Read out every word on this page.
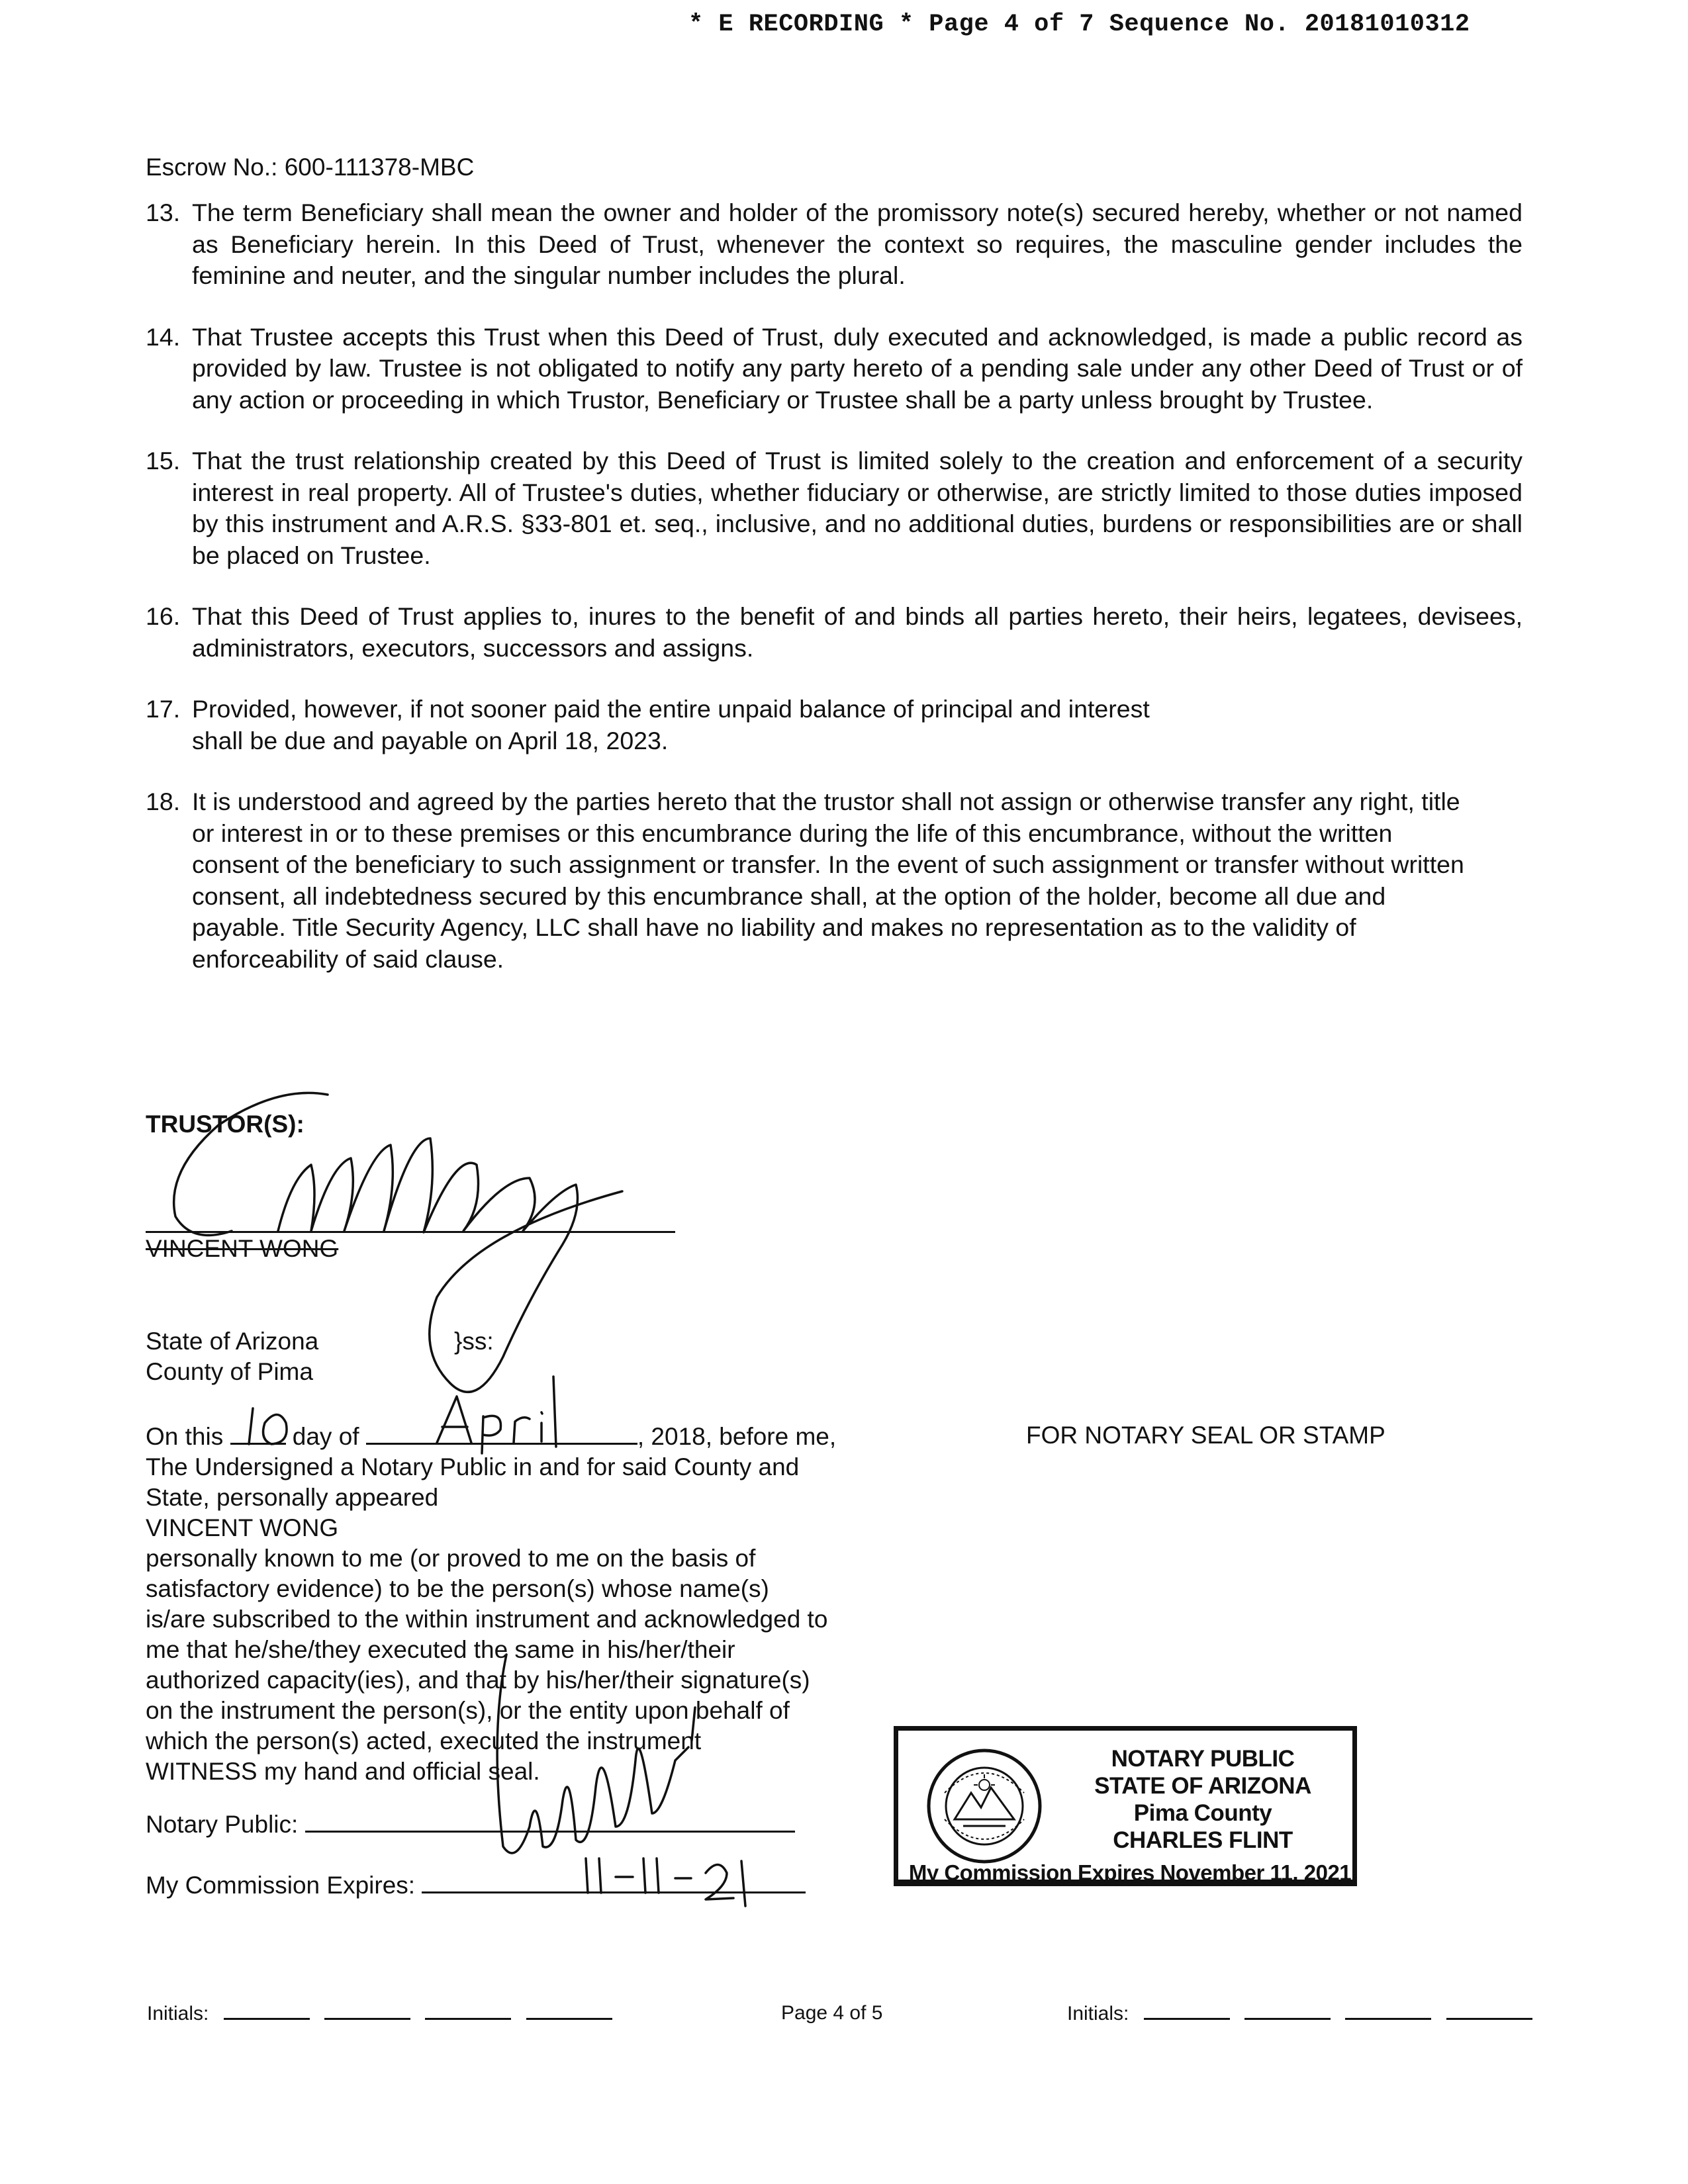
* E RECORDING * Page 4 of 7 Sequence No. 20181010312
Escrow No.: 600-111378-MBC
13. The term Beneficiary shall mean the owner and holder of the promissory note(s) secured hereby, whether or not named as Beneficiary herein. In this Deed of Trust, whenever the context so requires, the masculine gender includes the feminine and neuter, and the singular number includes the plural.
14. That Trustee accepts this Trust when this Deed of Trust, duly executed and acknowledged, is made a public record as provided by law. Trustee is not obligated to notify any party hereto of a pending sale under any other Deed of Trust or of any action or proceeding in which Trustor, Beneficiary or Trustee shall be a party unless brought by Trustee.
15. That the trust relationship created by this Deed of Trust is limited solely to the creation and enforcement of a security interest in real property. All of Trustee's duties, whether fiduciary or otherwise, are strictly limited to those duties imposed by this instrument and A.R.S. §33-801 et. seq., inclusive, and no additional duties, burdens or responsibilities are or shall be placed on Trustee.
16. That this Deed of Trust applies to, inures to the benefit of and binds all parties hereto, their heirs, legatees, devisees, administrators, executors, successors and assigns.
17. Provided, however, if not sooner paid the entire unpaid balance of principal and interest shall be due and payable on April 18, 2023.
18. It is understood and agreed by the parties hereto that the trustor shall not assign or otherwise transfer any right, title or interest in or to these premises or this encumbrance during the life of this encumbrance, without the written consent of the beneficiary to such assignment or transfer. In the event of such assignment or transfer without written consent, all indebtedness secured by this encumbrance shall, at the option of the holder, become all due and payable. Title Security Agency, LLC shall have no liability and makes no representation as to the validity of enforceability of said clause.
TRUSTOR(S):
VINCENT WONG
State of Arizona
County of Pima
}ss:
On this	day of	, 2018, before me,
The Undersigned a Notary Public in and for said County and
State, personally appeared
VINCENT WONG
personally known to me (or proved to me on the basis of
satisfactory evidence) to be the person(s) whose name(s)
is/are subscribed to the within instrument and acknowledged to
me that he/she/they executed the same in his/her/their
authorized capacity(ies), and that by his/her/their signature(s)
on the instrument the person(s), or the entity upon behalf of
which the person(s) acted, executed the instrument
WITNESS my hand and official seal.
Notary Public:
My Commission Expires:
FOR NOTARY SEAL OR STAMP
NOTARY PUBLIC
STATE OF ARIZONA
Pima County
CHARLES FLINT
My Commission Expires November 11, 2021
Initials:	Page 4 of 5	Initials:
